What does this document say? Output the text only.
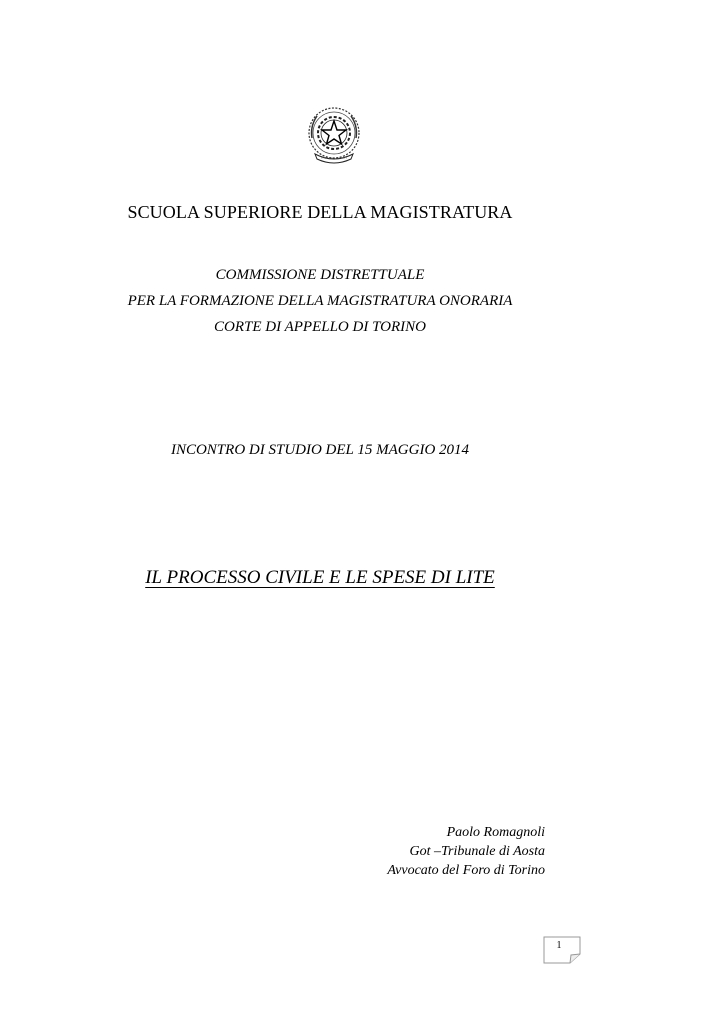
SCUOLA SUPERIORE DELLA MAGISTRATURA
COMMISSIONE DISTRETTUALE
PER LA FORMAZIONE DELLA MAGISTRATURA ONORARIA
CORTE DI APPELLO DI TORINO
INCONTRO DI STUDIO DEL 15 MAGGIO 2014
IL PROCESSO CIVILE E LE SPESE DI LITE
Paolo Romagnoli
Got –Tribunale di Aosta
Avvocato del Foro di Torino
1
